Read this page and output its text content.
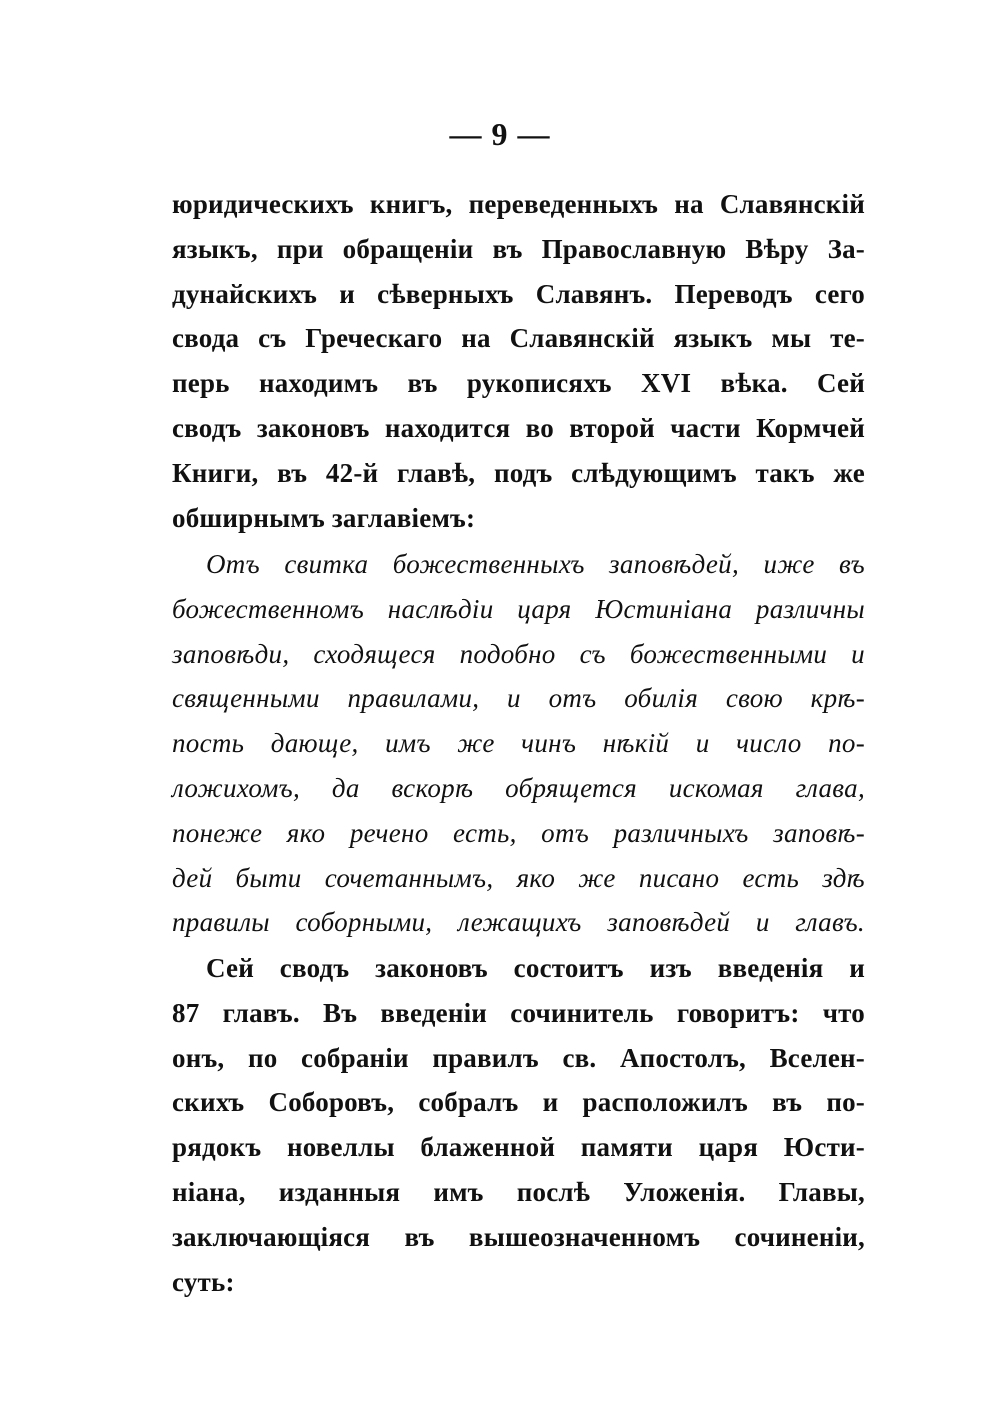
— 9 —
юридическихъ книгъ, переведенныхъ на Славянскій
языкъ, при обращеніи въ Православную Вѣру За-
дунайскихъ и сѣверныхъ Славянъ. Переводъ сего
свода съ Греческаго на Славянскій языкъ мы те-
перь находимъ въ рукописяхъ XVI вѣка. Сей
сводъ законовъ находится во второй части Кормчей
Книги, въ 42-й главѣ, подъ слѣдующимъ такъ же
обширнымъ заглавіемъ:
Отъ свитка божественныхъ заповѣдей, иже въ
божественномъ наслѣдіи царя Юстиніана различны
заповѣди, сходящеся подобно съ божественными и
священными правилами, и отъ обилія свою крѣ-
пость дающе, имъ же чинъ нѣкій и число по-
ложихомъ, да вскорѣ обрящется искомая глава,
понеже яко речено есть, отъ различныхъ заповѣ-
дей быти сочетаннымъ, яко же писано есть здѣ
правилы соборными, лежащихъ заповѣдей и главъ.
Сей сводъ законовъ состоитъ изъ введенія и
87 главъ. Въ введеніи сочинитель говоритъ: что
онъ, по собраніи правилъ св. Апостолъ, Вселен-
скихъ Соборовъ, собралъ и расположилъ въ по-
рядокъ новеллы блаженной памяти царя Юсти-
ніана, изданныя имъ послѣ Уложенія. Главы,
заключающіяся въ вышеозначенномъ сочиненіи,
суть:
